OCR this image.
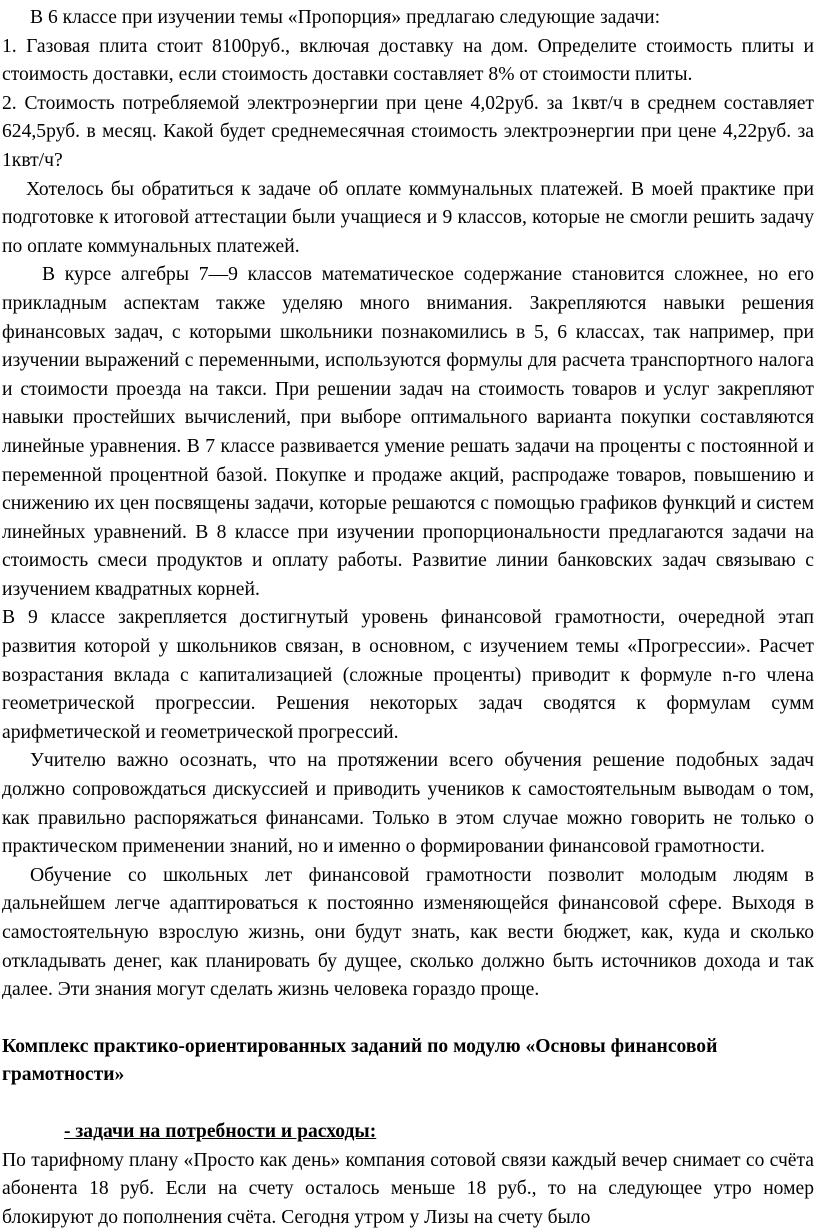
В 6 классе при изучении темы «Пропорция» предлагаю следующие задачи:

1. Газовая плита стоит 8100руб., включая доставку на дом. Определите стоимость плиты и стоимость доставки, если стоимость доставки составляет 8% от стоимости плиты.

2. Стоимость потребляемой электроэнергии при цене 4,02руб. за 1квт/ч в среднем составляет 624,5руб. в месяц. Какой будет среднемесячная стоимость электроэнергии при цене 4,22руб. за 1квт/ч?

Хотелось бы обратиться к задаче об оплате коммунальных платежей. В моей практике при подготовке к итоговой аттестации были учащиеся и 9 классов, которые не смогли решить задачу по оплате коммунальных платежей.

В курсе алгебры 7—9 классов математическое содержание становится сложнее, но его прикладным аспектам также уделяю много внимания. Закрепляются навыки решения финансовых задач, с которыми школьники познакомились в 5, 6 классах, так например, при изучении выражений с переменными, используются формулы для расчета транспортного налога и стоимости проезда на такси. При решении задач на стоимость товаров и услуг закрепляют навыки простейших вычислений, при выборе оптимального варианта покупки составляются линейные уравнения. В 7 классе развивается умение решать задачи на проценты с постоянной и переменной процентной базой. Покупке и продаже акций, распродаже товаров, повышению и снижению их цен посвящены задачи, которые решаются с помощью графиков функций и систем линейных уравнений. В 8 классе при изучении пропорциональности предлагаются задачи на стоимость смеси продуктов и оплату работы. Развитие линии банковских задач связываю с изучением квадратных корней.

В 9 классе закрепляется достигнутый уровень финансовой грамотности, очередной этап развития которой у школьников связан, в основном, с изучением темы «Прогрессии». Расчет возрастания вклада с капитализацией (сложные проценты) приводит к формуле n-го члена геометрической прогрессии. Решения некоторых задач сводятся к формулам сумм арифметической и геометрической прогрессий.

Учителю важно осознать, что на протяжении всего обучения решение подобных задач должно сопровождаться дискуссией и приводить учеников к самостоятельным выводам о том, как правильно распоряжаться финансами. Только в этом случае можно говорить не только о практическом применении знаний, но и именно о формировании финансовой грамотности.

Обучение со школьных лет финансовой грамотности позволит молодым людям в дальнейшем легче адаптироваться к постоянно изменяющейся финансовой сфере. Выходя в самостоятельную взрослую жизнь, они будут знать, как вести бюджет, как, куда и сколько откладывать денег, как планировать бу дущее, сколько должно быть источников дохода и так далее. Эти знания могут сделать жизнь человека гораздо проще.

Комплекс практико-ориентированных заданий по модулю «Основы финансовой грамотности»

- задачи на потребности и расходы:

По тарифному плану «Просто как день» компания сотовой связи каждый вечер снимает со счёта абонента 18 руб. Если на счету осталось меньше 18 руб., то на следующее утро номер блокируют до пополнения счёта. Сегодня утром у Лизы на счету было
